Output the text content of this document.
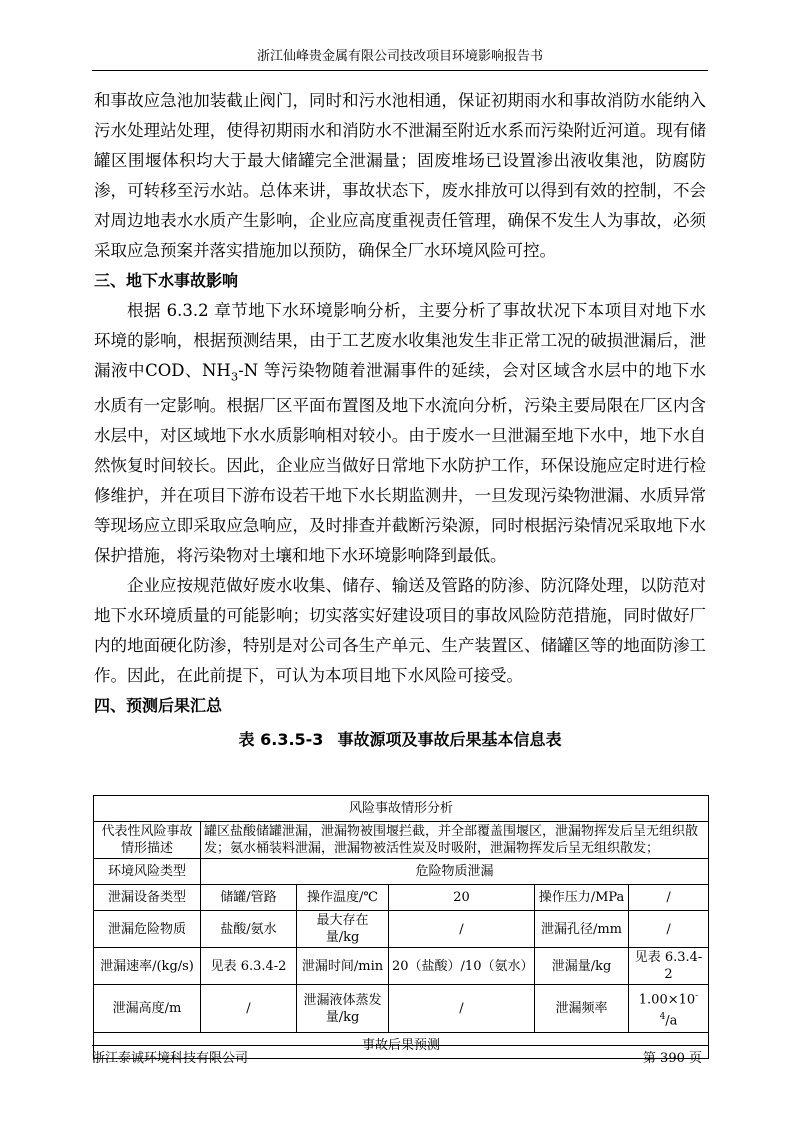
浙江仙峰贵金属有限公司技改项目环境影响报告书

和事故应急池加装截止阀门，同时和污水池相通，保证初期雨水和事故消防水能纳入污水处理站处理，使得初期雨水和消防水不泄漏至附近水系而污染附近河道。现有储罐区围堰体积均大于最大储罐完全泄漏量；固废堆场已设置渗出液收集池，防腐防渗，可转移至污水站。总体来讲，事故状态下，废水排放可以得到有效的控制，不会对周边地表水水质产生影响，企业应高度重视责任管理，确保不发生人为事故，必须采取应急预案并落实措施加以预防，确保全厂水环境风险可控。

三、地下水事故影响

根据 6.3.2 章节地下水环境影响分析，主要分析了事故状况下本项目对地下水环境的影响，根据预测结果，由于工艺废水收集池发生非正常工况的破损泄漏后，泄漏液中COD、$NH_3-N$ 等污染物随着泄漏事件的延续，会对区域含水层中的地下水水质有一定影响。根据厂区平面布置图及地下水流向分析，污染主要局限在厂区内含水层中，对区域地下水水质影响相对较小。由于废水一旦泄漏至地下水中，地下水自然恢复时间较长。因此，企业应当做好日常地下水防护工作，环保设施应定时进行检修维护，并在项目下游布设若干地下水长期监测井，一旦发现污染物泄漏、水质异常等现场应立即采取应急响应，及时排查并截断污染源，同时根据污染情况采取地下水保护措施，将污染物对土壤和地下水环境影响降到最低。

企业应按规范做好废水收集、储存、输送及管路的防渗、防沉降处理，以防范对地下水环境质量的可能影响；切实落实好建设项目的事故风险防范措施，同时做好厂内的地面硬化防渗，特别是对公司各生产单元、生产装置区、储罐区等的地面防渗工作。因此，在此前提下，可认为本项目地下水风险可接受。

四、预测后果汇总

表 6.3.5-3 事故源项及事故后果基本信息表

风险事故情形分析					
代表性风险事故情形描述	罐区盐酸储罐泄漏，泄漏物被围堰拦截，并全部覆盖围堰区，泄漏物挥发后呈无组织散发；氨水桶装料泄漏，泄漏物被活性炭及时吸附，泄漏物挥发后呈无组织散发；				
环境风险类型	危险物质泄漏				
泄漏设备类型	储罐/管路	操作温度/℃	20	操作压力/MPa	/
泄漏危险物质	盐酸/氨水	最大存在量/kg	/	泄漏孔径/mm	/
泄漏速率/(kg/s)	见表 6.3.4-2	泄漏时间/min	20（盐酸）/10（氨水）	泄漏量/kg	见表 6.3.4-2
泄漏高度/m	/	泄漏液体蒸发量/kg	/	泄漏频率	$1.00\times 10^{-4}/a$
事故后果预测					
浙江泰诚环境科技有限公司	第 390 页
